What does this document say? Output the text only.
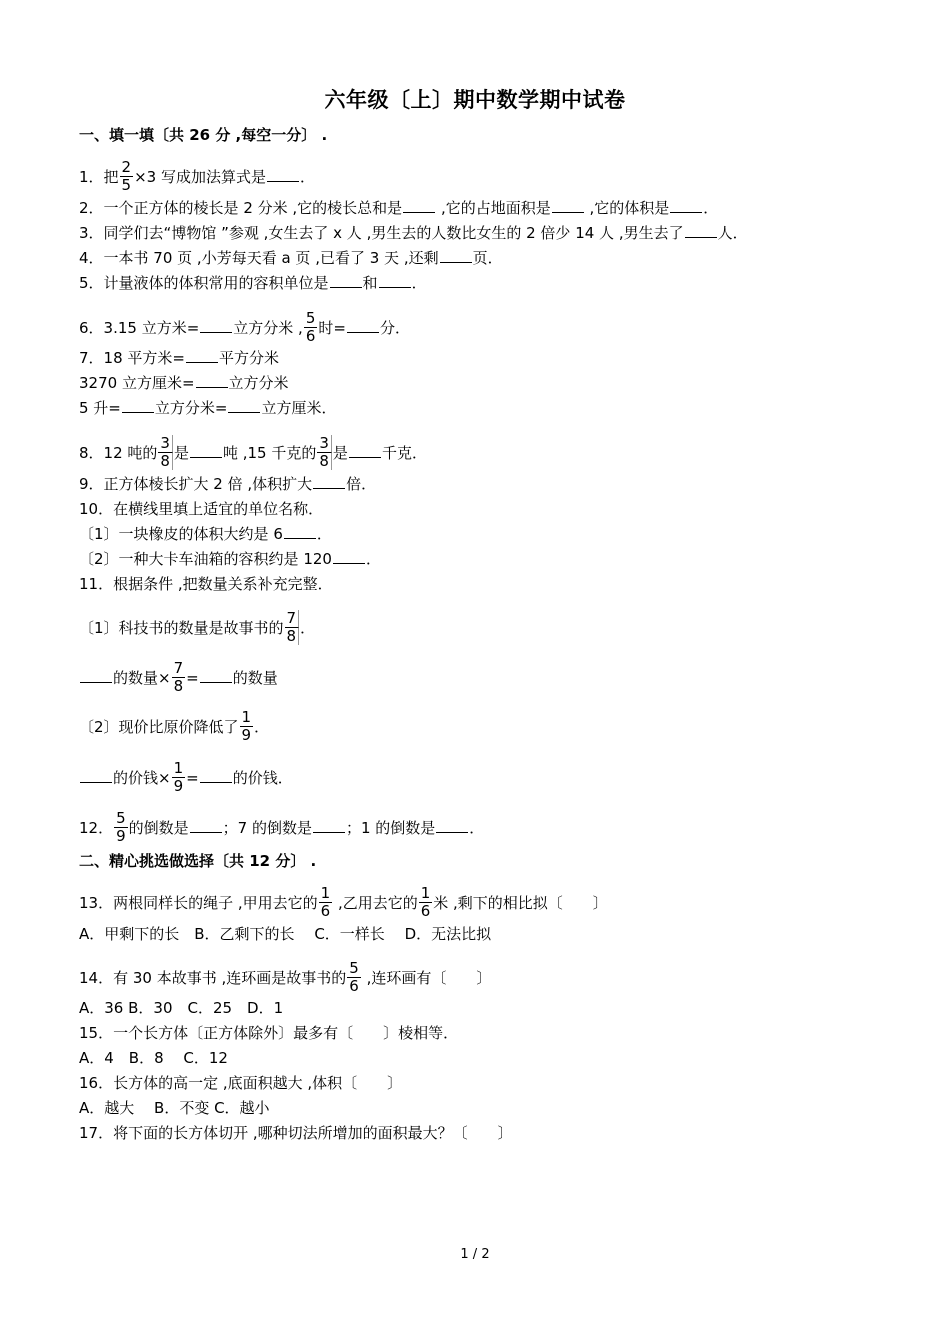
六年级〔上〕期中数学期中试卷
一、填一填〔共 26 分 ,每空一分〕 .
1．把 $\frac{2}{5} \times 3$ 写成加法算式是 ．
2．一个正方体的棱长是 2 分米 ,它的棱长总和是 ,它的占地面积是 ,它的体积是 ．
3．同学们去“博物馆 ”参观 ,女生去了 x 人 ,男生去的人数比女生的 2 倍少 14 人 ,男生去了 人．
4．一本书 70 页 ,小芳每天看 a 页 ,已看了 3 天 ,还剩 页．
5．计量液体的体积常用的容积单位是 和 ．
6．3.15 立方米= 立方分米 , $\frac{5}{6}$ 时= 分．
7．18 平方米= 平方分米
3270 立方厘米= 立方分米
5 升= 立方分米= 立方厘米．
8．12 吨的 $\frac{3}{8}$ 是 吨 ,15 千克的 $\frac{3}{8}$ 是 千克．
9．正方体棱长扩大 2 倍 ,体积扩大 倍．
10．在横线里填上适宜的单位名称．
〔1〕一块橡皮的体积大约是 6 ．
〔2〕一种大卡车油箱的容积约是 120 ．
11．根据条件 ,把数量关系补充完整．
〔1〕科技书的数量是故事书的 $\frac{7}{8}$ ．
的数量× $\frac{7}{8}$ = 的数量
〔2〕现价比原价降低了 $\frac{1}{9}$ ．
的价钱× $\frac{1}{9}$ = 的价钱．
12． $\frac{5}{9}$ 的倒数是 ；7 的倒数是 ；1 的倒数是 ．
二、精心挑选做选择〔共 12 分〕 .
13．两根同样长的绳子 ,甲用去它的 $\frac{1}{6}$ ,乙用去它的 $\frac{1}{6}$ 米 ,剩下的相比拟〔　　〕
A．甲剩下的长　B．乙剩下的长　 C．一样长　 D．无法比拟
14．有 30 本故事书 ,连环画是故事书的 $\frac{5}{6}$ ,连环画有〔　　〕
A．36 B．30　C．25　D．1
15．一个长方体〔正方体除外〕最多有〔　　〕棱相等．
A．4　B．8　 C．12
16．长方体的高一定 ,底面积越大 ,体积〔　　〕
A．越大　 B．不变 C．越小
17．将下面的长方体切开 ,哪种切法所增加的面积最大？〔　　〕
1 / 2
